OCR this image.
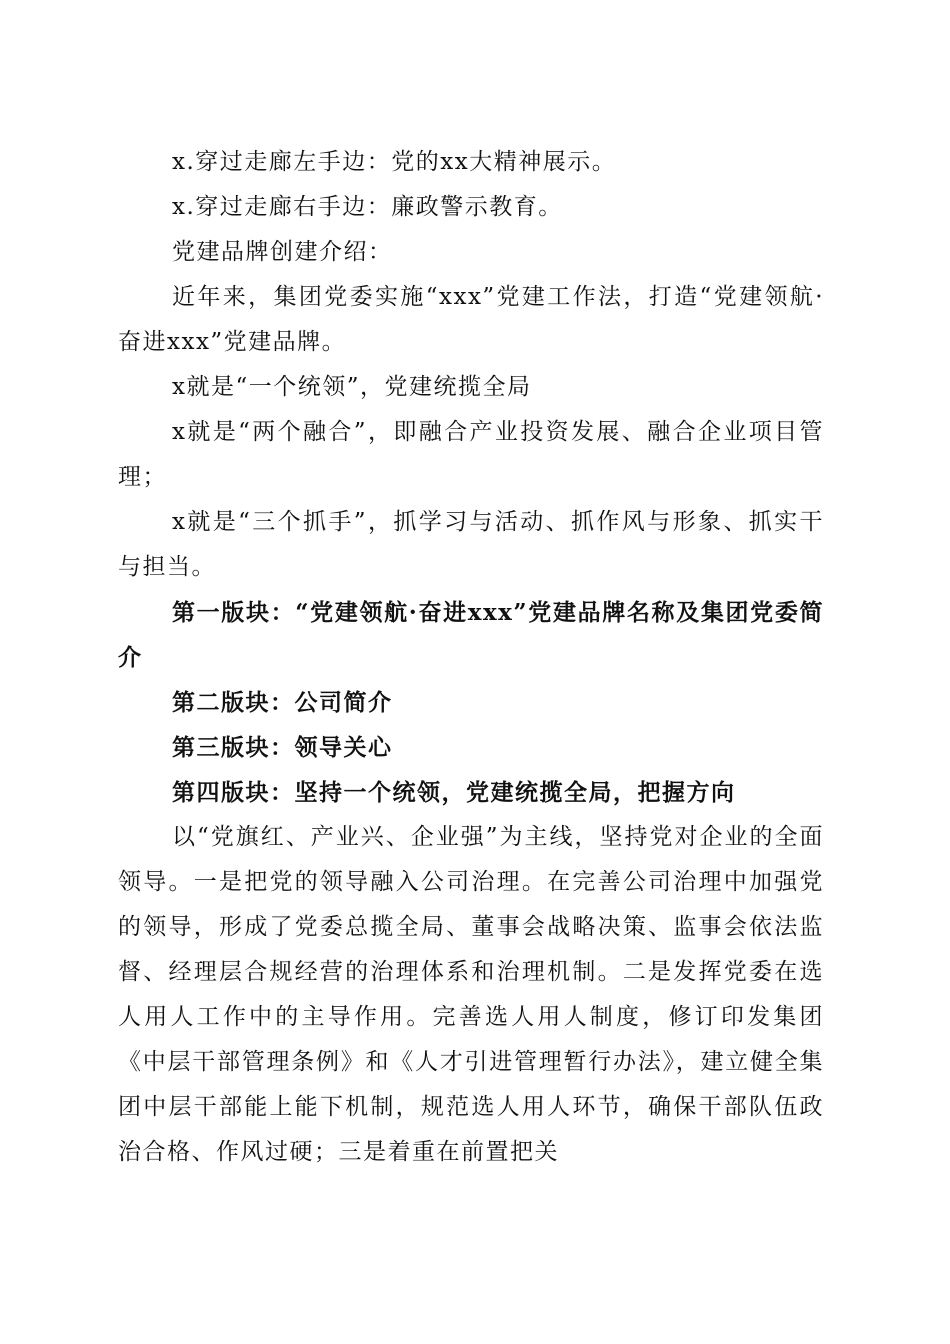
x.穿过走廊左手边：党的xx大精神展示。

x.穿过走廊右手边：廉政警示教育。

党建品牌创建介绍：

近年来，集团党委实施“xxx”党建工作法，打造“党建领航·奋进xxx”党建品牌。

x就是“一个统领”，党建统揽全局

x就是“两个融合”，即融合产业投资发展、融合企业项目管理；

x就是“三个抓手”，抓学习与活动、抓作风与形象、抓实干与担当。

第一版块：“党建领航·奋进xxx”党建品牌名称及集团党委简介

第二版块：公司简介

第三版块：领导关心

第四版块：坚持一个统领，党建统揽全局，把握方向

以“党旗红、产业兴、企业强”为主线，坚持党对企业的全面领导。一是把党的领导融入公司治理。在完善公司治理中加强党的领导，形成了党委总揽全局、董事会战略决策、监事会依法监督、经理层合规经营的治理体系和治理机制。二是发挥党委在选人用人工作中的主导作用。完善选人用人制度，修订印发集团《中层干部管理条例》和《人才引进管理暂行办法》，建立健全集团中层干部能上能下机制，规范选人用人环节，确保干部队伍政治合格、作风过硬；三是着重在前置把关
